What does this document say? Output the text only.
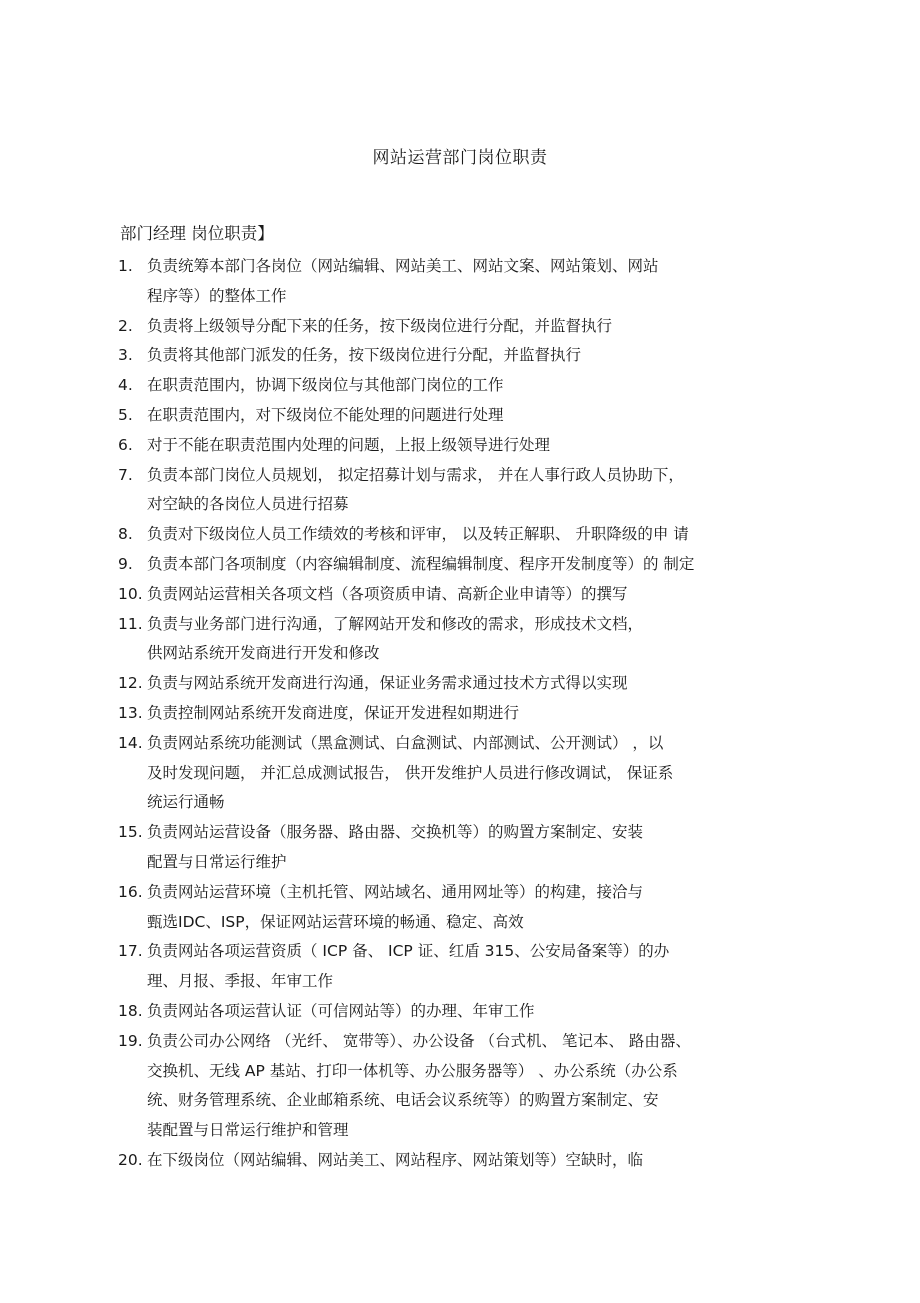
网站运营部门岗位职责
部门经理 岗位职责】
1. 负责统筹本部门各岗位（网站编辑、网站美工、网站文案、网站策划、网站
程序等）的整体工作
2. 负责将上级领导分配下来的任务，按下级岗位进行分配，并监督执行
3. 负责将其他部门派发的任务，按下级岗位进行分配，并监督执行
4. 在职责范围内，协调下级岗位与其他部门岗位的工作
5. 在职责范围内，对下级岗位不能处理的问题进行处理
6. 对于不能在职责范围内处理的问题，上报上级领导进行处理
7. 负责本部门岗位人员规划， 拟定招募计划与需求， 并在人事行政人员协助下，
对空缺的各岗位人员进行招募
8. 负责对下级岗位人员工作绩效的考核和评审， 以及转正解职、 升职降级的申 请
9. 负责本部门各项制度（内容编辑制度、流程编辑制度、程序开发制度等）的 制定
10. 负责网站运营相关各项文档（各项资质申请、高新企业申请等）的撰写
11. 负责与业务部门进行沟通，了解网站开发和修改的需求，形成技术文档，
供网站系统开发商进行开发和修改
12. 负责与网站系统开发商进行沟通，保证业务需求通过技术方式得以实现
13. 负责控制网站系统开发商进度，保证开发进程如期进行
14. 负责网站系统功能测试（黑盒测试、白盒测试、内部测试、公开测试） ，以
及时发现问题， 并汇总成测试报告， 供开发维护人员进行修改调试， 保证系
统运行通畅
15. 负责网站运营设备（服务器、路由器、交换机等）的购置方案制定、安装
配置与日常运行维护
16. 负责网站运营环境（主机托管、网站域名、通用网址等）的构建，接洽与
甄选IDC、ISP，保证网站运营环境的畅通、稳定、高效
17. 负责网站各项运营资质（ ICP 备、 ICP 证、红盾 315、公安局备案等）的办
理、月报、季报、年审工作
18. 负责网站各项运营认证（可信网站等）的办理、年审工作
19. 负责公司办公网络 （光纤、 宽带等）、办公设备 （台式机、 笔记本、 路由器、
交换机、无线 AP 基站、打印一体机等、办公服务器等） 、办公系统（办公系
统、财务管理系统、企业邮箱系统、电话会议系统等）的购置方案制定、安
装配置与日常运行维护和管理
20. 在下级岗位（网站编辑、网站美工、网站程序、网站策划等）空缺时，临
